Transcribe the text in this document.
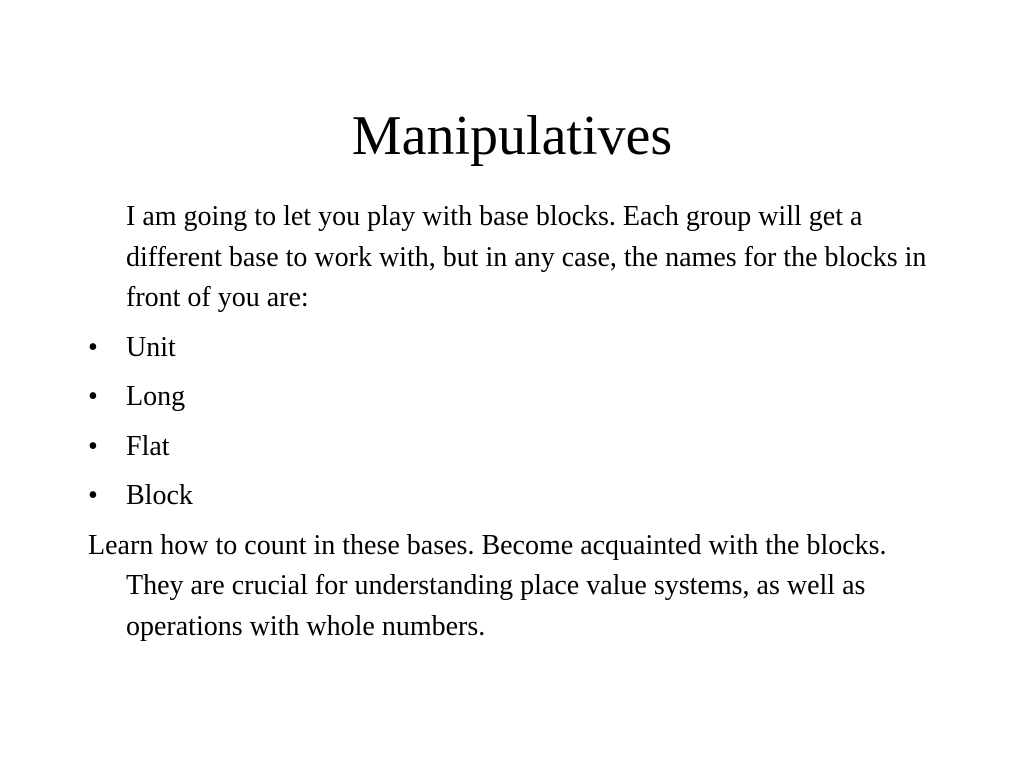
Manipulatives

I am going to let you play with base blocks. Each group will get a different base to work with, but in any case, the names for the blocks in front of you are:

•	Unit
•	Long
•	Flat
•	Block

Learn how to count in these bases. Become acquainted with the blocks. They are crucial for understanding place value systems, as well as operations with whole numbers.
